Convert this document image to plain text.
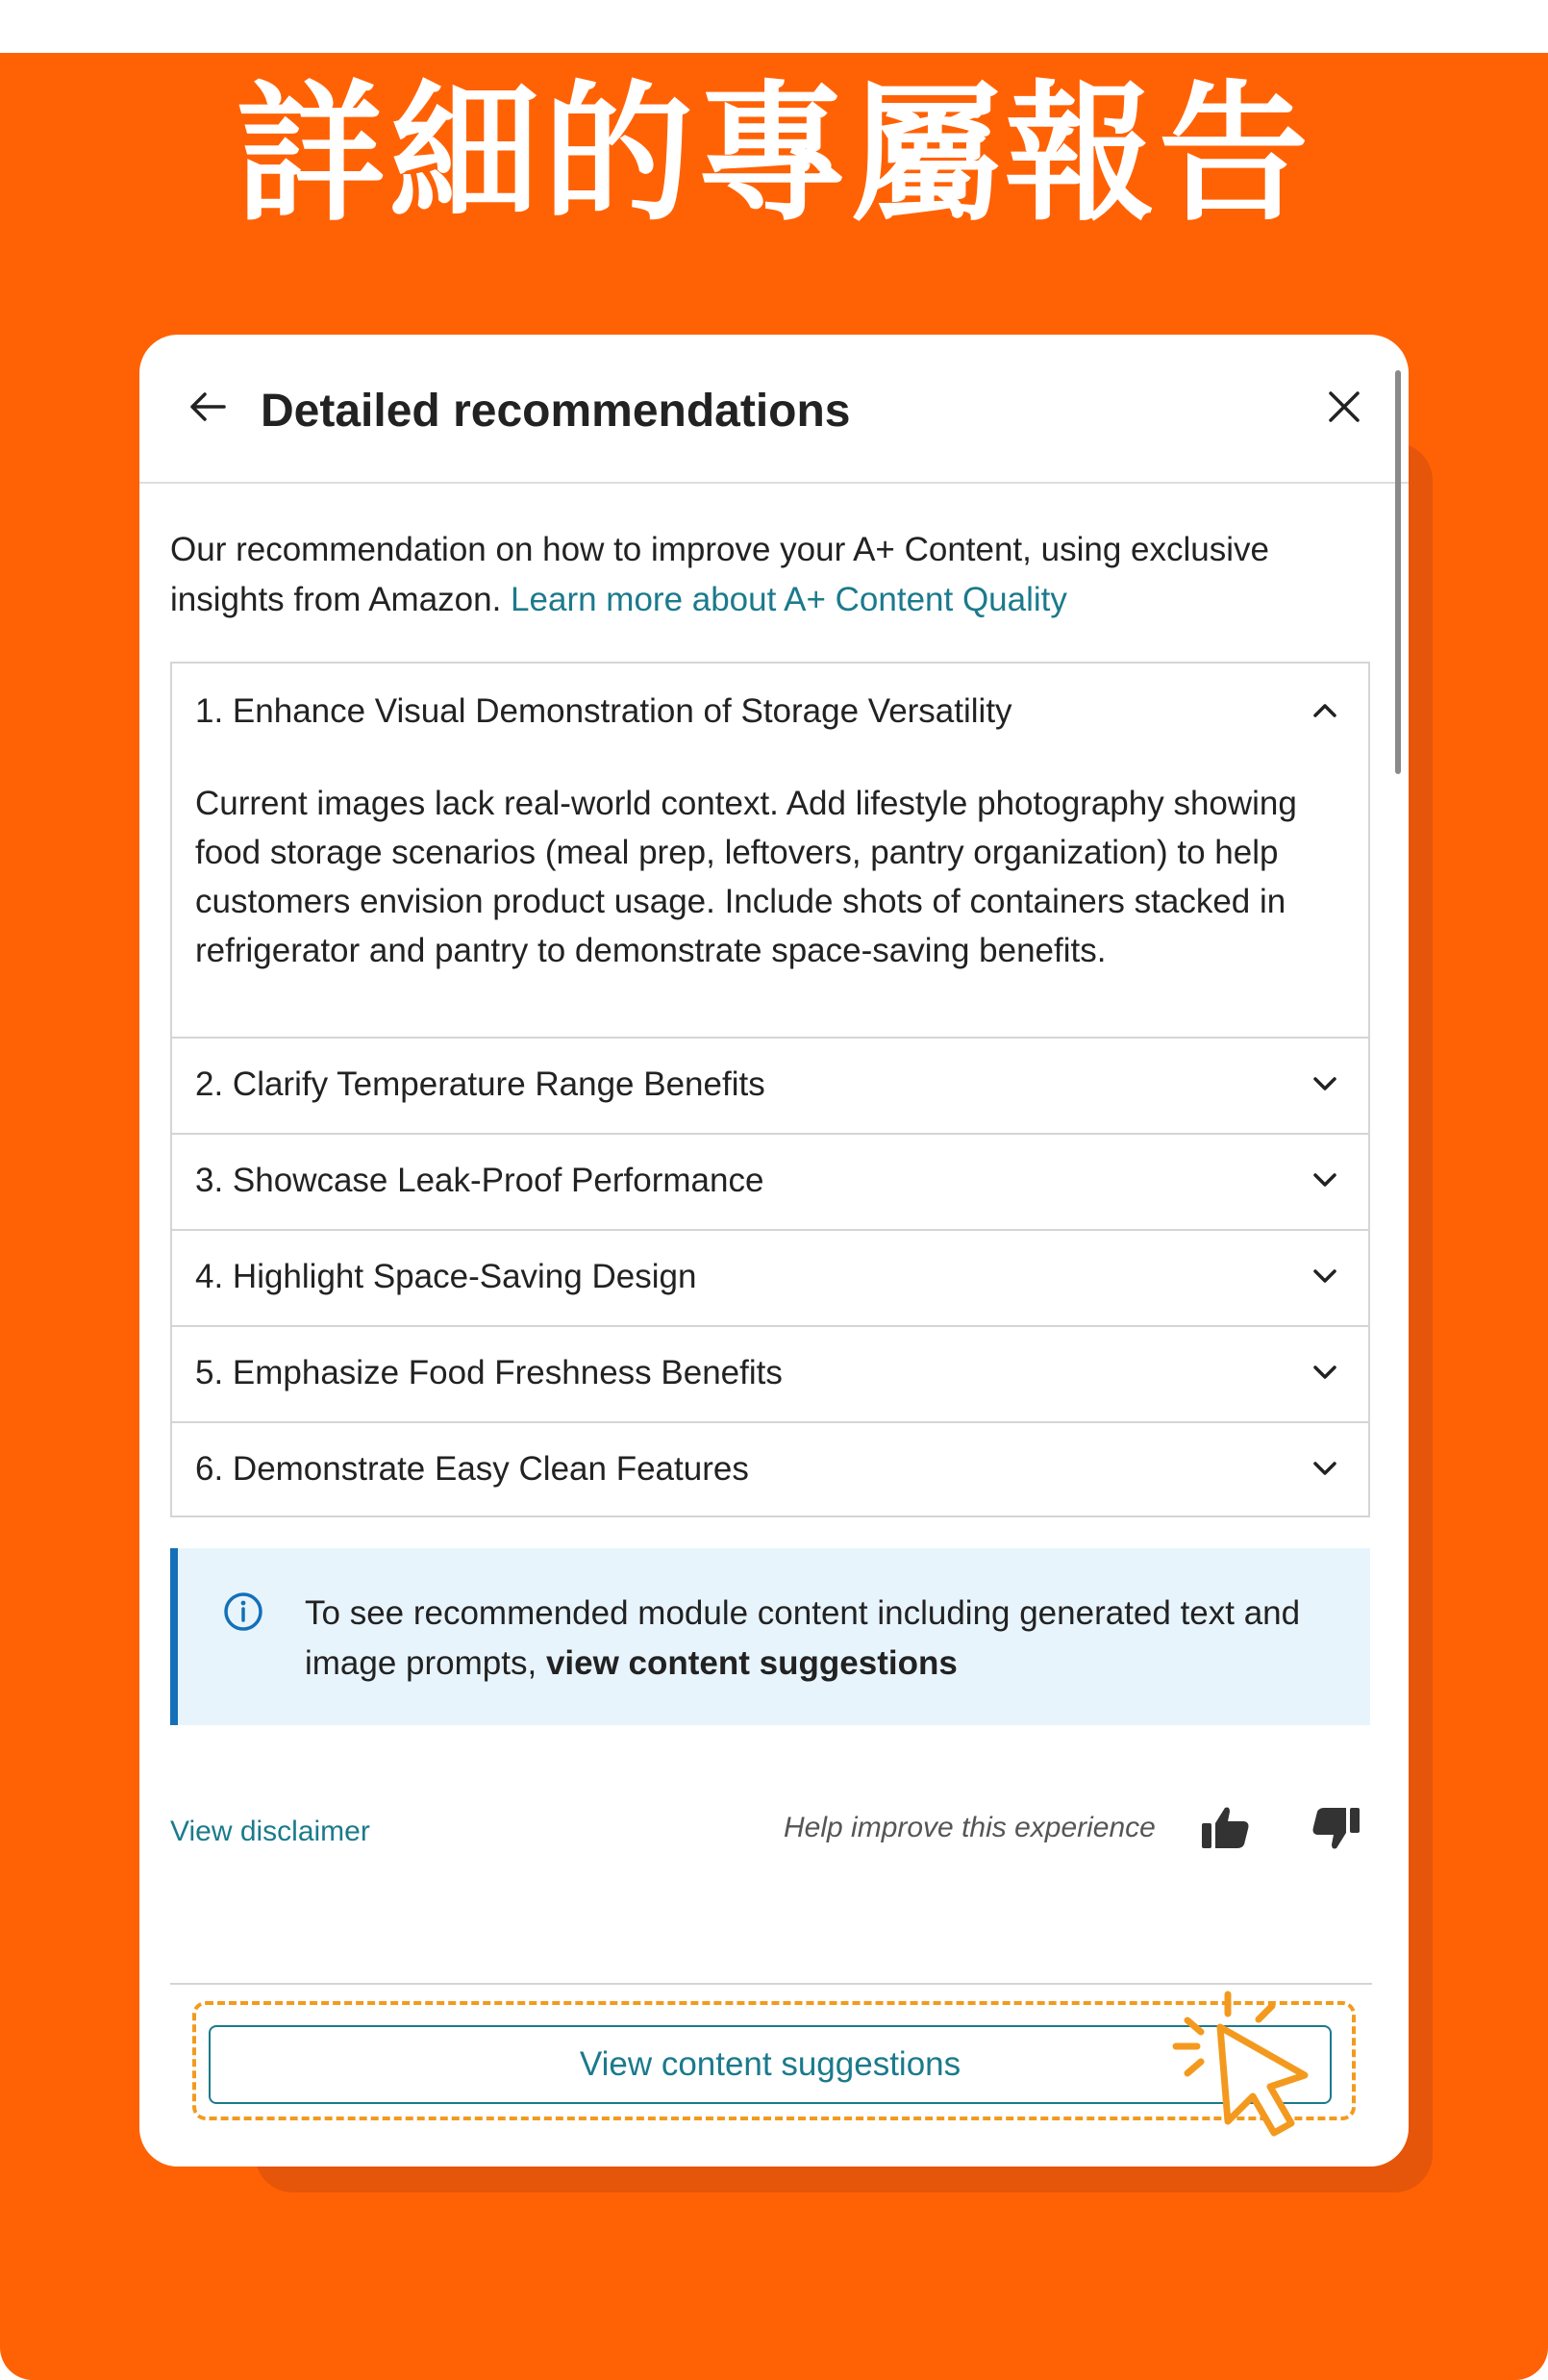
詳細的專屬報告
Detailed recommendations
Our recommendation on how to improve your A+ Content, using exclusive insights from Amazon. Learn more about A+ Content Quality
1. Enhance Visual Demonstration of Storage Versatility
Current images lack real-world context. Add lifestyle photography showing food storage scenarios (meal prep, leftovers, pantry organization) to help customers envision product usage. Include shots of containers stacked in refrigerator and pantry to demonstrate space-saving benefits.
2. Clarify Temperature Range Benefits
3. Showcase Leak-Proof Performance
4. Highlight Space-Saving Design
5. Emphasize Food Freshness Benefits
6. Demonstrate Easy Clean Features
To see recommended module content including generated text and image prompts, view content suggestions
View disclaimer	Help improve this experience
View content suggestions
